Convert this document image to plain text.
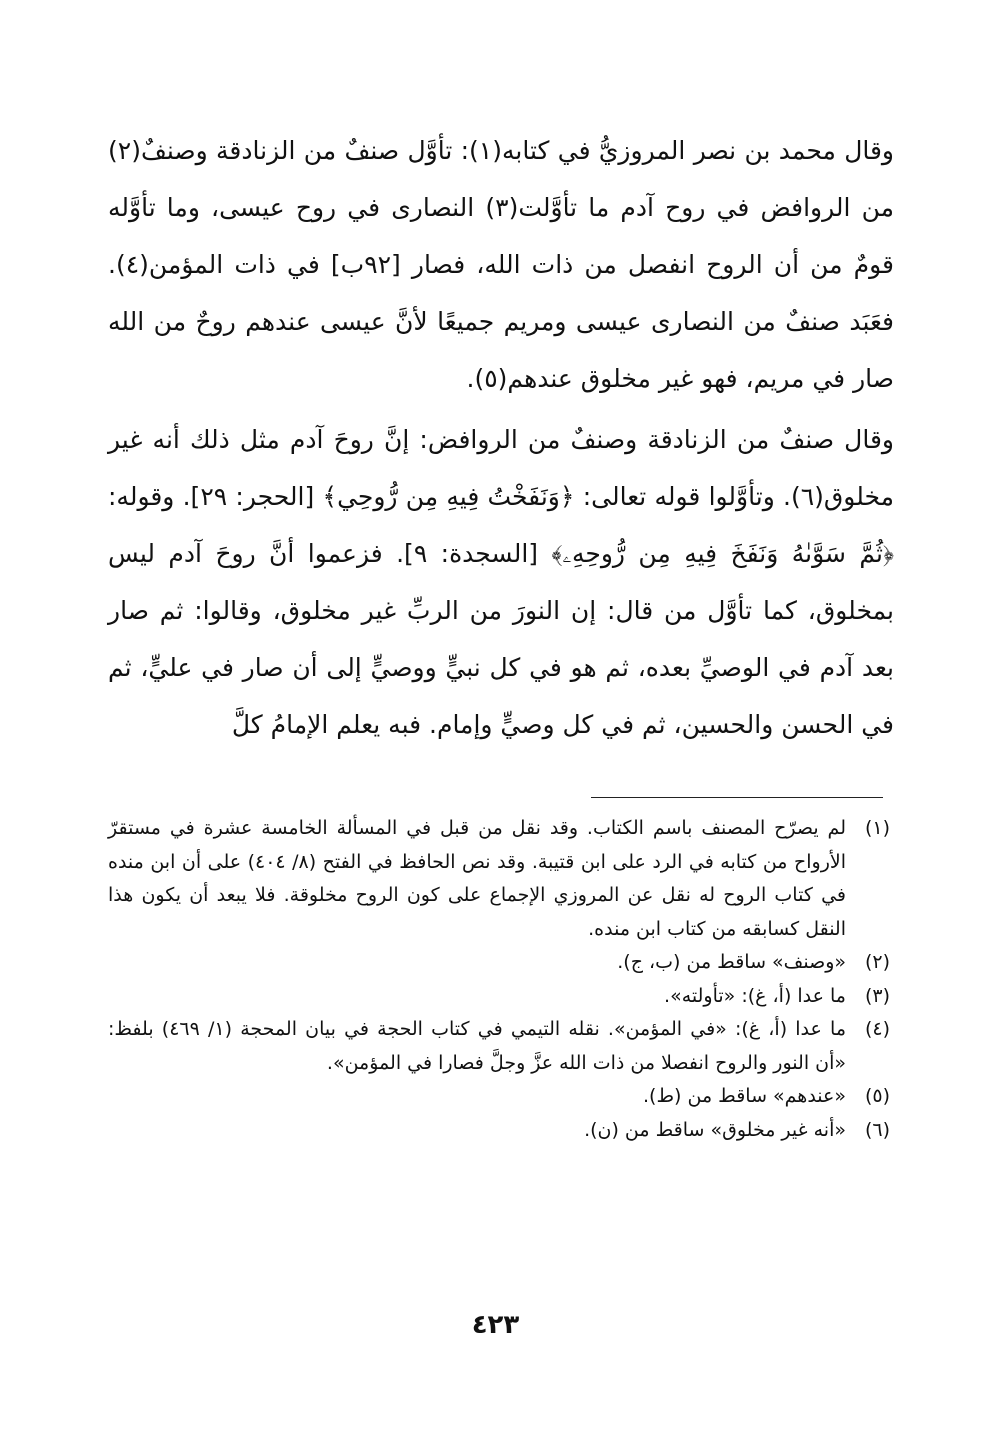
وقال محمد بن نصر المروزيُّ في كتابه(١): تأوَّل صنفٌ من الزنادقة وصنفٌ(٢) من الروافض في روح آدم ما تأوَّلت(٣) النصارى في روح عيسى، وما تأوَّله قومٌ من أن الروح انفصل من ذات الله، فصار [٩٢ب] في ذات المؤمن(٤). فعَبَد صنفٌ من النصارى عيسى ومريم جميعًا لأنَّ عيسى عندهم روحٌ من الله صار في مريم، فهو غير مخلوق عندهم(٥).

وقال صنفٌ من الزنادقة وصنفٌ من الروافض: إنَّ روحَ آدم مثل ذلك أنه غير مخلوق(٦). وتأوَّلوا قوله تعالى: ﴿وَنَفَخْتُ فِيهِ مِن رُّوحِي﴾ [الحجر: ٢٩]. وقوله: ﴿ثُمَّ سَوَّىٰهُ وَنَفَخَ فِيهِ مِن رُّوحِهِۦ﴾ [السجدة: ٩]. فزعموا أنَّ روحَ آدم ليس بمخلوق، كما تأوَّل من قال: إن النورَ من الربِّ غير مخلوق، وقالوا: ثم صار بعد آدم في الوصيِّ بعده، ثم هو في كل نبيٍّ ووصيٍّ إلى أن صار في عليٍّ، ثم في الحسن والحسين، ثم في كل وصيٍّ وإمام. فبه يعلم الإمامُ كلَّ

(١)
لم يصرّح المصنف باسم الكتاب. وقد نقل من قبل في المسألة الخامسة عشرة في مستقرّ الأرواح من كتابه في الرد على ابن قتيبة. وقد نص الحافظ في الفتح (٨/ ٤٠٤) على أن ابن منده في كتاب الروح له نقل عن المروزي الإجماع على كون الروح مخلوقة. فلا يبعد أن يكون هذا النقل كسابقه من كتاب ابن منده.
(٢)
«وصنف» ساقط من (ب، ج).
(٣)
ما عدا (أ، غ): «تأولته».
(٤)
ما عدا (أ، غ): «في المؤمن». نقله التيمي في كتاب الحجة في بيان المحجة (١/ ٤٦٩) بلفظ: «أن النور والروح انفصلا من ذات الله عزَّ وجلَّ فصارا في المؤمن».
(٥)
«عندهم» ساقط من (ط).
(٦)
«أنه غير مخلوق» ساقط من (ن).
٤٢٣
